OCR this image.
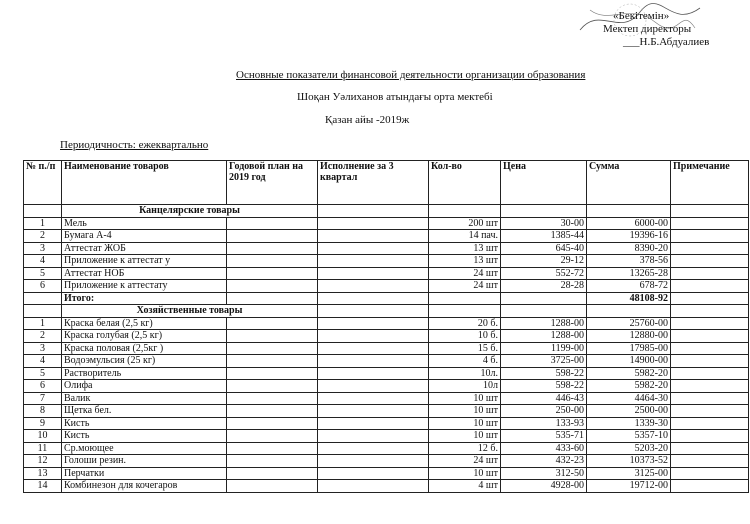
«Бекітемін»
Мектеп директоры
___Н.Б.Абдуалиев
Основные показатели финансовой деятельности организации образования
Шоқан Уәлиханов атындағы орта мектебі
Қазан айы -2019ж
Периодичность: ежеквартально
№ п./п	Наименование товаров	Годовой план на 2019 год	Исполнение за 3 квартал	Кол-во	Цена	Сумма	Примечание
	Канцелярские товары						
1	Мель			200 шт	30-00	6000-00	
2	Бумага А-4			14 пач.	1385-44	19396-16	
3	Аттестат ЖОБ			13 шт	645-40	8390-20	
4	Приложение к аттестат у			13 шт	29-12	378-56	
5	Аттестат НОБ			24 шт	552-72	13265-28	
6	Приложение к аттестату			24 шт	28-28	678-72	
	Итого:					48108-92	
	Хозяйственные товары						
1	Краска белая (2,5 кг)			20 б.	1288-00	25760-00	
2	Краска голубая (2,5 кг)			10 б.	1288-00	12880-00	
3	Краска половая (2,5кг )			15 б.	1199-00	17985-00	
4	Водоэмульсия (25 кг)			4 б.	3725-00	14900-00	
5	Растворитель			10л.	598-22	5982-20	
6	Олифа			10л	598-22	5982-20	
7	Валик			10 шт	446-43	4464-30	
8	Щетка бел.			10 шт	250-00	2500-00	
9	Кисть			10 шт	133-93	1339-30	
10	Кисть			10 шт	535-71	5357-10	
11	Ср.моющее			12 б.	433-60	5203-20	
12	Голоши резин.			24 шт	432-23	10373-52	
13	Перчатки			10 шт	312-50	3125-00	
14	Комбинезон для кочегаров			4 шт	4928-00	19712-00	
